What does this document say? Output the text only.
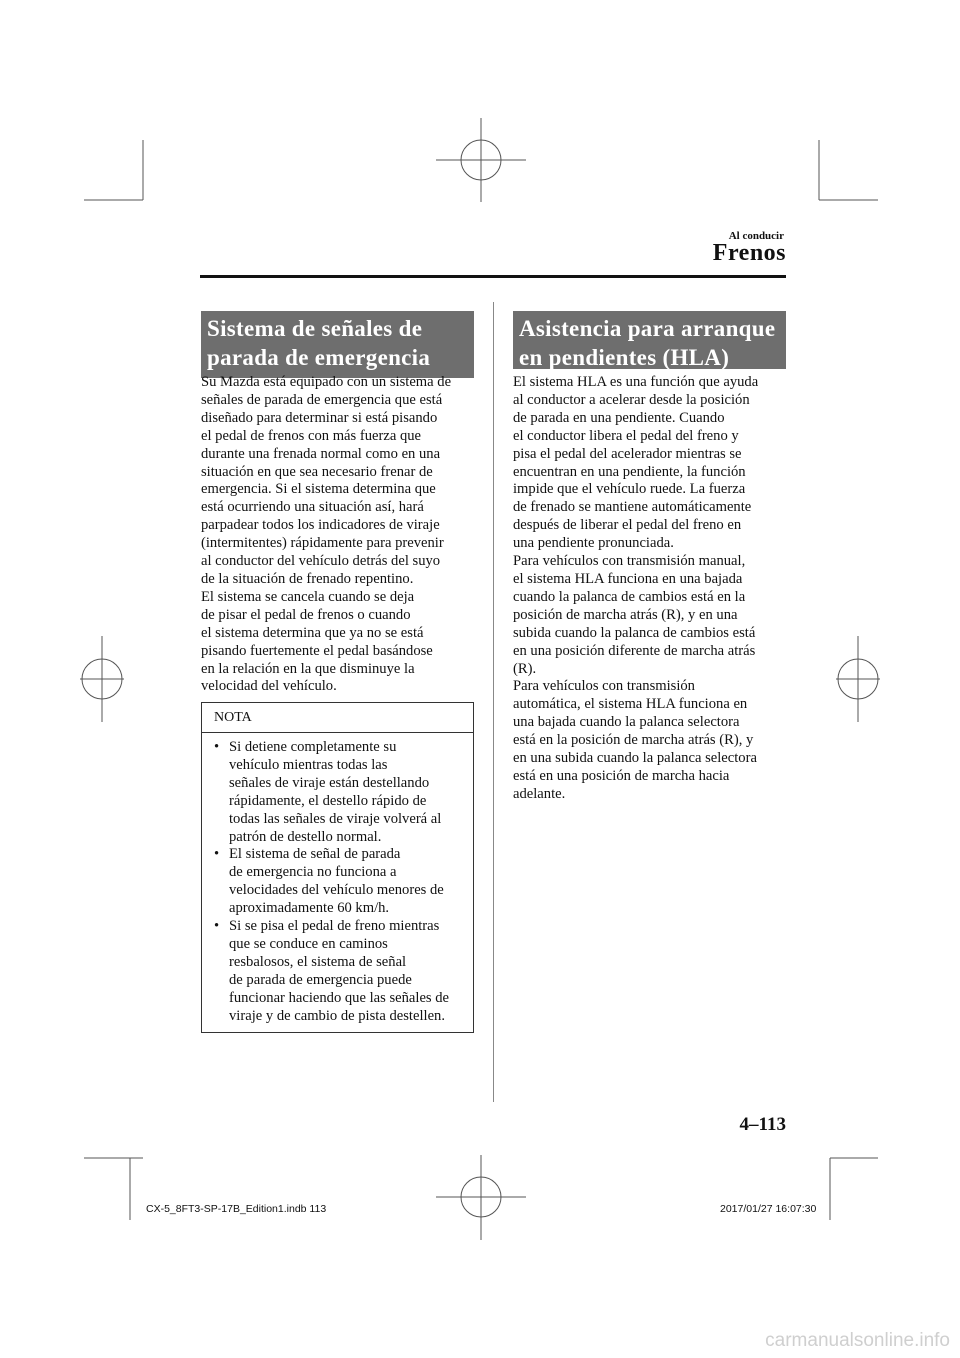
Al conducir
Frenos
Sistema de señales de
parada de emergencia
Su Mazda está equipado con un sistema de
señales de parada de emergencia que está
diseñado para determinar si está pisando
el pedal de frenos con más fuerza que
durante una frenada normal como en una
situación en que sea necesario frenar de
emergencia. Si el sistema determina que
está ocurriendo una situación así, hará
parpadear todos los indicadores de viraje
(intermitentes) rápidamente para prevenir
al conductor del vehículo detrás del suyo
de la situación de frenado repentino.
El sistema se cancela cuando se deja
de pisar el pedal de frenos o cuando
el sistema determina que ya no se está
pisando fuertemente el pedal basándose
en la relación en la que disminuye la
velocidad del vehículo.
NOTA
• Si detiene completamente su
vehículo mientras todas las
señales de viraje están destellando
rápidamente, el destello rápido de
todas las señales de viraje volverá al
patrón de destello normal.
• El sistema de señal de parada
de emergencia no funciona a
velocidades del vehículo menores de
aproximadamente 60 km/h.
• Si se pisa el pedal de freno mientras
que se conduce en caminos
resbalosos, el sistema de señal
de parada de emergencia puede
funcionar haciendo que las señales de
viraje y de cambio de pista destellen.
Asistencia para arranque
en pendientes (HLA)
El sistema HLA es una función que ayuda
al conductor a acelerar desde la posición
de parada en una pendiente. Cuando
el conductor libera el pedal del freno y
pisa el pedal del acelerador mientras se
encuentran en una pendiente, la función
impide que el vehículo ruede. La fuerza
de frenado se mantiene automáticamente
después de liberar el pedal del freno en
una pendiente pronunciada.
Para vehículos con transmisión manual,
el sistema HLA funciona en una bajada
cuando la palanca de cambios está en la
posición de marcha atrás (R), y en una
subida cuando la palanca de cambios está
en una posición diferente de marcha atrás
(R).
Para vehículos con transmisión
automática, el sistema HLA funciona en
una bajada cuando la palanca selectora
está en la posición de marcha atrás (R), y
en una subida cuando la palanca selectora
está en una posición de marcha hacia
adelante.
4–113
CX-5_8FT3-SP-17B_Edition1.indb 113	2017/01/27 16:07:30
carmanualsonline.info
